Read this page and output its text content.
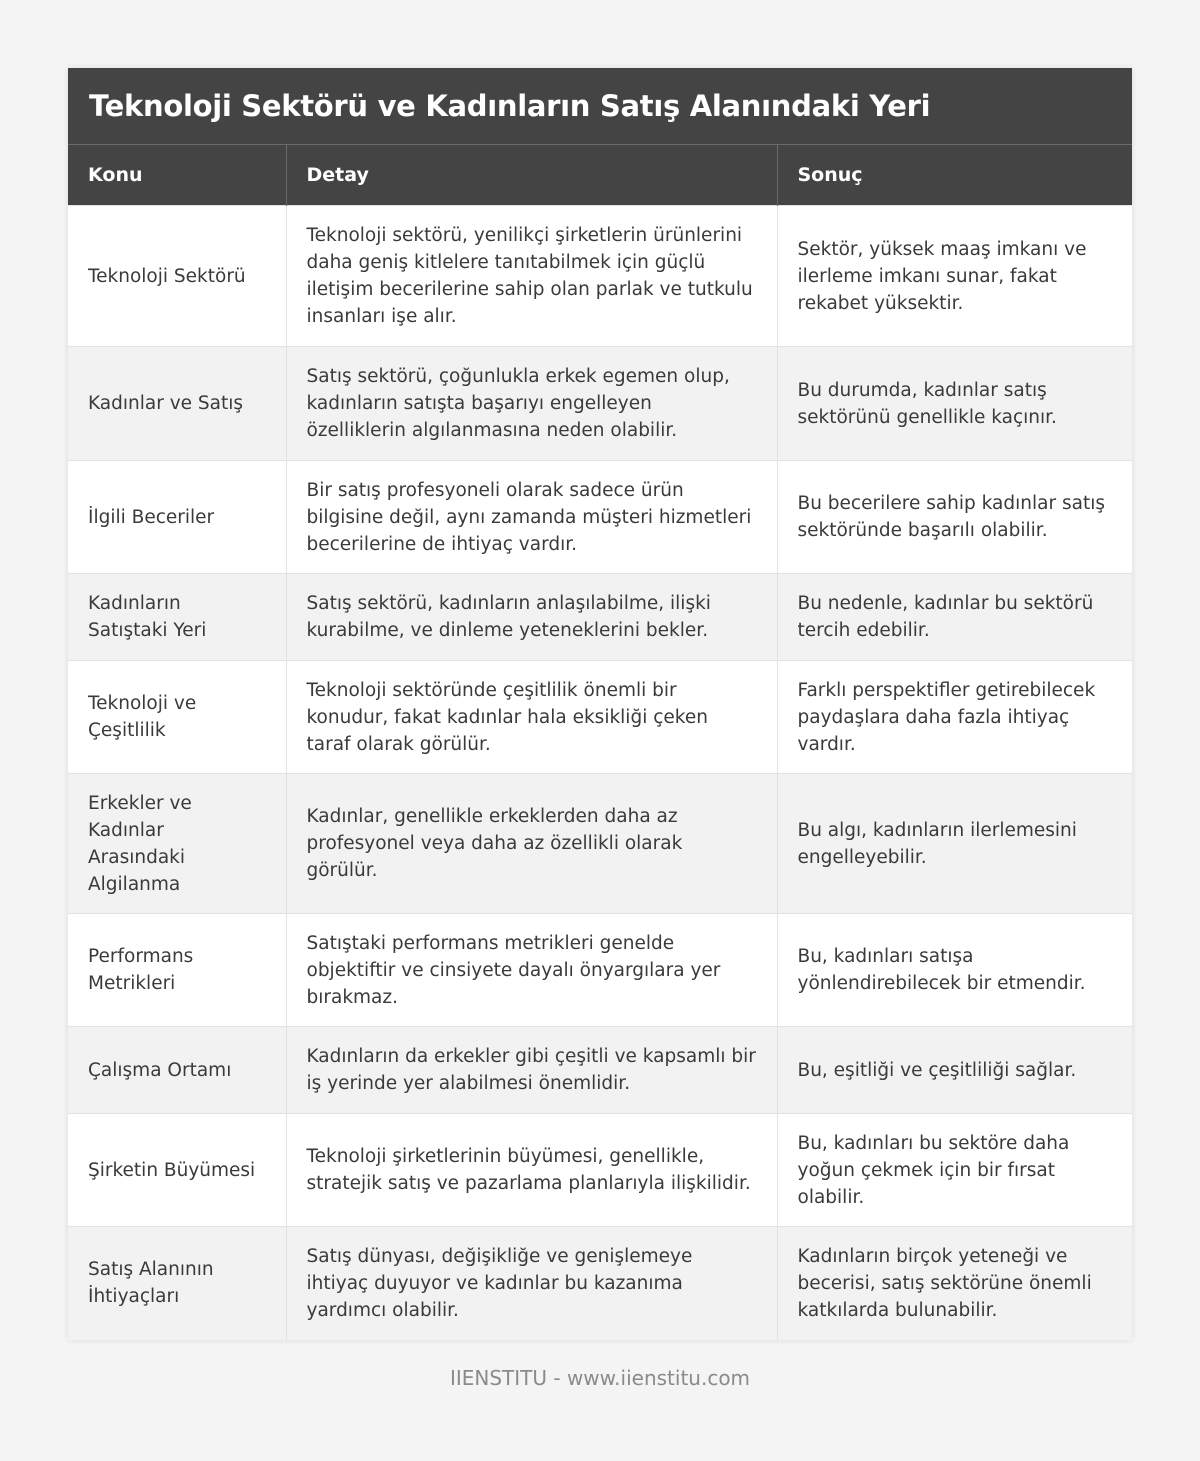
Teknoloji Sektörü ve Kadınların Satış Alanındaki Yeri
Konu	Detay	Sonuç
Teknoloji Sektörü	Teknoloji sektörü, yenilikçi şirketlerin ürünlerini daha geniş kitlelere tanıtabilmek için güçlü iletişim becerilerine sahip olan parlak ve tutkulu insanları işe alır.	Sektör, yüksek maaş imkanı ve ilerleme imkanı sunar, fakat rekabet yüksektir.
Kadınlar ve Satış	Satış sektörü, çoğunlukla erkek egemen olup, kadınların satışta başarıyı engelleyen özelliklerin algılanmasına neden olabilir.	Bu durumda, kadınlar satış sektörünü genellikle kaçınır.
İlgili Beceriler	Bir satış profesyoneli olarak sadece ürün bilgisine değil, aynı zamanda müşteri hizmetleri becerilerine de ihtiyaç vardır.	Bu becerilere sahip kadınlar satış sektöründe başarılı olabilir.
Kadınların Satıştaki Yeri	Satış sektörü, kadınların anlaşılabilme, ilişki kurabilme, ve dinleme yeteneklerini bekler.	Bu nedenle, kadınlar bu sektörü tercih edebilir.
Teknoloji ve Çeşitlilik	Teknoloji sektöründe çeşitlilik önemli bir konudur, fakat kadınlar hala eksikliği çeken taraf olarak görülür.	Farklı perspektifler getirebilecek paydaşlara daha fazla ihtiyaç vardır.
Erkekler ve Kadınlar Arasındaki Algilanma	Kadınlar, genellikle erkeklerden daha az profesyonel veya daha az özellikli olarak görülür.	Bu algı, kadınların ilerlemesini engelleyebilir.
Performans Metrikleri	Satıştaki performans metrikleri genelde objektiftir ve cinsiyete dayalı önyargılara yer bırakmaz.	Bu, kadınları satışa yönlendirebilecek bir etmendir.
Çalışma Ortamı	Kadınların da erkekler gibi çeşitli ve kapsamlı bir iş yerinde yer alabilmesi önemlidir.	Bu, eşitliği ve çeşitliliği sağlar.
Şirketin Büyümesi	Teknoloji şirketlerinin büyümesi, genellikle, stratejik satış ve pazarlama planlarıyla ilişkilidir.	Bu, kadınları bu sektöre daha yoğun çekmek için bir fırsat olabilir.
Satış Alanının İhtiyaçları	Satış dünyası, değişikliğe ve genişlemeye ihtiyaç duyuyor ve kadınlar bu kazanıma yardımcı olabilir.	Kadınların birçok yeteneği ve becerisi, satış sektörüne önemli katkılarda bulunabilir.
IIENSTITU - www.iienstitu.com
